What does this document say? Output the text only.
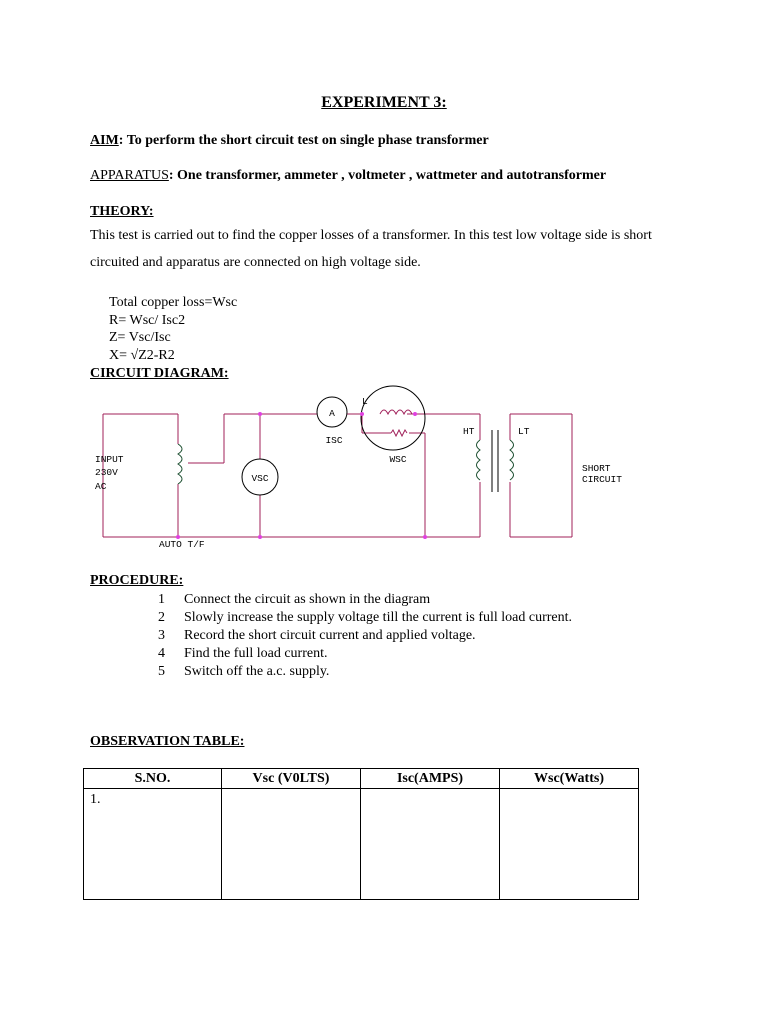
EXPERIMENT 3:
AIM: To perform the short circuit test on single phase transformer
APPARATUS: One transformer, ammeter , voltmeter , wattmeter and autotransformer
THEORY:
This test is carried out to find the copper losses of a transformer. In this test low voltage side is short circuited and apparatus are connected on high voltage side.
Total copper loss=Wsc
R= Wsc/ Isc2
Z= Vsc/Isc
X= √Z2-R2
CIRCUIT DIAGRAM:
INPUT
230V
AC
AUTO T/F
VSC
A
ISC
WSC
L
HT	LT
SHORT
CIRCUIT
PROCEDURE:
1	Connect the circuit as shown in the diagram
2	Slowly increase the supply voltage till the current is full load current.
3	Record the short circuit current and applied voltage.
4	Find the full load current.
5	Switch off the a.c. supply.
OBSERVATION TABLE:
S.NO.	Vsc (V0LTS)	Isc(AMPS)	Wsc(Watts)
1.			
